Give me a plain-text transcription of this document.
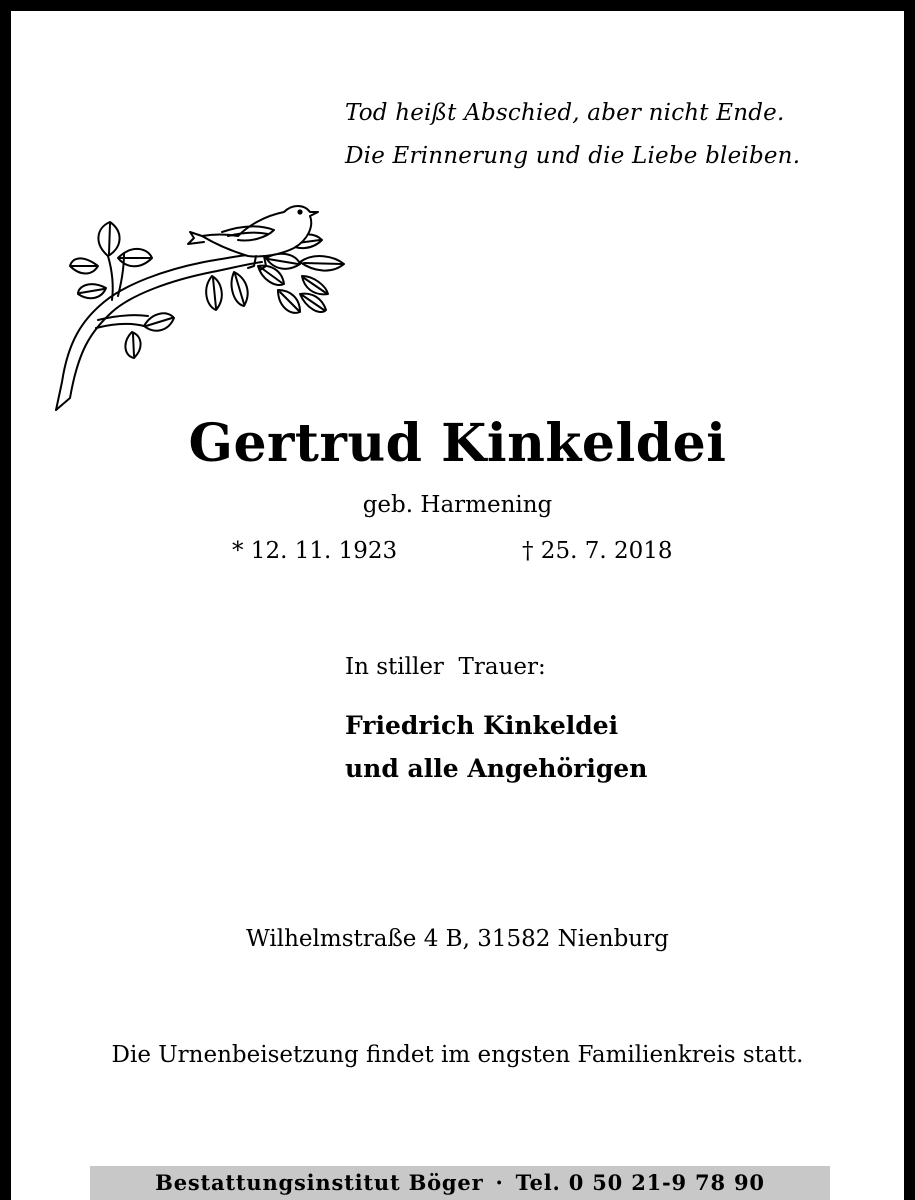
Tod heißt Abschied, aber nicht Ende.
Die Erinnerung und die Liebe bleiben.
Gertrud Kinkeldei
geb. Harmening
* 12. 11. 1923	† 25. 7. 2018
In stiller  Trauer:
Friedrich Kinkeldei
und alle Angehörigen
Wilhelmstraße 4 B, 31582 Nienburg
Die Urnenbeisetzung findet im engsten Familienkreis statt.
Bestattungsinstitut Böger · Tel. 0 50 21-9 78 90
